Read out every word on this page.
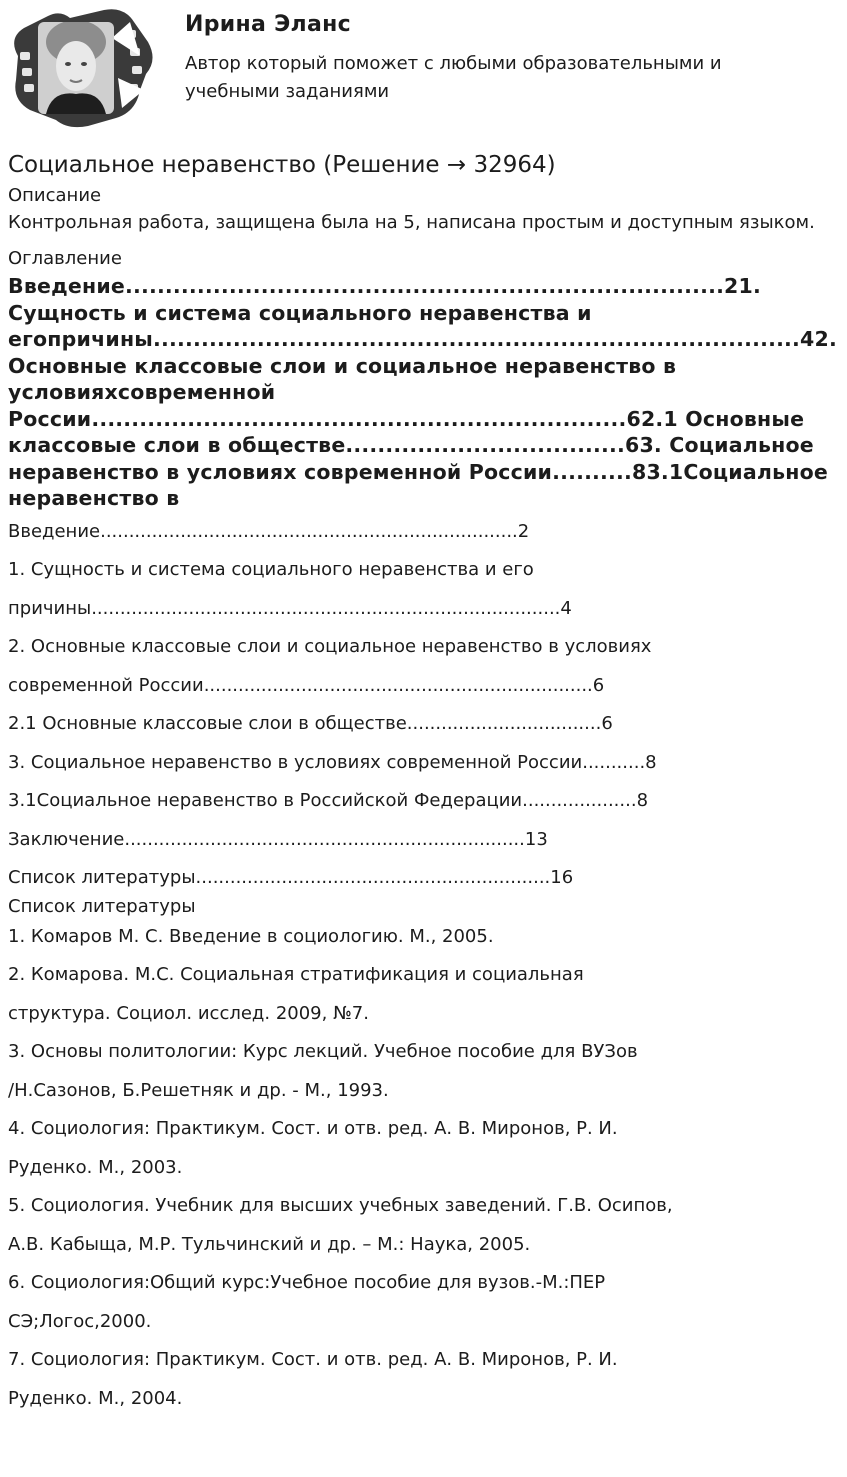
Ирина Эланс
Автор который поможет с любыми образовательными и учебными заданиями
Социальное неравенство (Решение → 32964)
Описание
Контрольная работа, защищена была на 5, написана простым и доступным языком.
Оглавление
Введение...........................................................................21. Сущность и система социального неравенства и егопричины.................................................................................42. Основные классовые слои и социальное неравенство в условияхсовременной России...................................................................62.1 Основные классовые слои в обществе...................................63. Социальное неравенство в условиях современной России..........83.1Социальное неравенство в
Введение.........................................................................2
1. Сущность и система социального неравенства и его
причины..................................................................................4
2. Основные классовые слои и социальное неравенство в условиях
современной России....................................................................6
2.1 Основные классовые слои в обществе..................................6
3. Социальное неравенство в условиях современной России...........8
3.1Социальное неравенство в Российской Федерации....................8
Заключение......................................................................13
Список литературы..............................................................16
Список литературы
1. Комаров М. С. Введение в социологию. М., 2005.
2. Комарова. М.С. Социальная стратификация и социальная
структура. Социол. исслед. 2009, №7.
3. Основы политологии: Курс лекций. Учебное пособие для ВУЗов
/Н.Сазонов, Б.Решетняк и др. - М., 1993.
4. Социология: Практикум. Сост. и отв. ред. А. В. Миронов, Р. И.
Руденко. М., 2003.
5. Социология. Учебник для высших учебных заведений. Г.В. Осипов,
А.В. Кабыща, М.Р. Тульчинский и др. – М.: Наука, 2005.
6. Социология:Общий курс:Учебное пособие для вузов.-М.:ПЕР
СЭ;Логос,2000.
7. Социология: Практикум. Сост. и отв. ред. А. В. Миронов, Р. И.
Руденко. М., 2004.
